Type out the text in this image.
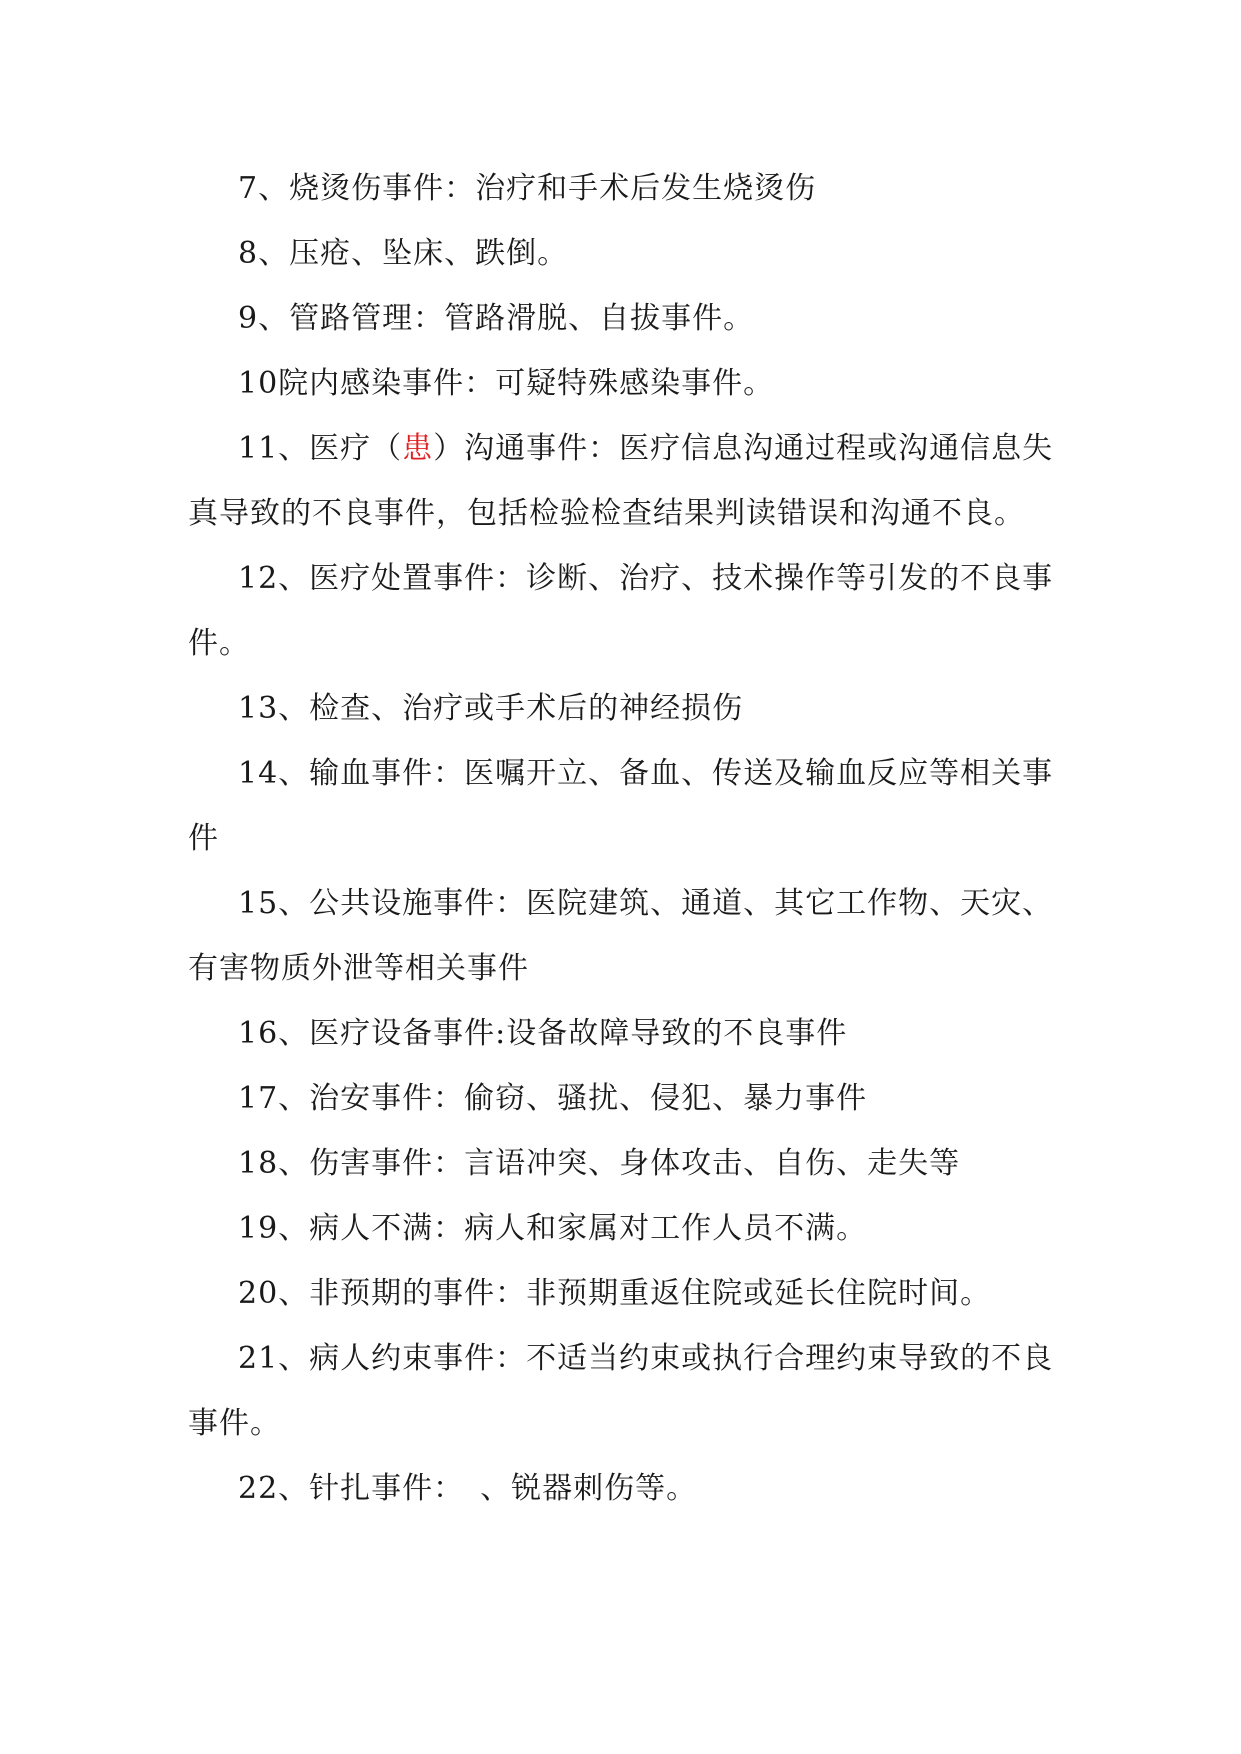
7、烧烫伤事件：治疗和手术后发生烧烫伤

8、压疮、坠床、跌倒。

9、管路管理：管路滑脱、自拔事件。

10院内感染事件：可疑特殊感染事件。

11、医疗（患）沟通事件：医疗信息沟通过程或沟通信息失真导致的不良事件，包括检验检查结果判读错误和沟通不良。

12、医疗处置事件：诊断、治疗、技术操作等引发的不良事件。

13、检查、治疗或手术后的神经损伤

14、输血事件：医嘱开立、备血、传送及输血反应等相关事件

15、公共设施事件：医院建筑、通道、其它工作物、天灾、有害物质外泄等相关事件

16、医疗设备事件:设备故障导致的不良事件

17、治安事件：偷窃、骚扰、侵犯、暴力事件

18、伤害事件：言语冲突、身体攻击、自伤、走失等

19、病人不满：病人和家属对工作人员不满。

20、非预期的事件：非预期重返住院或延长住院时间。

21、病人约束事件：不适当约束或执行合理约束导致的不良事件。

22、针扎事件：　、锐器刺伤等。
